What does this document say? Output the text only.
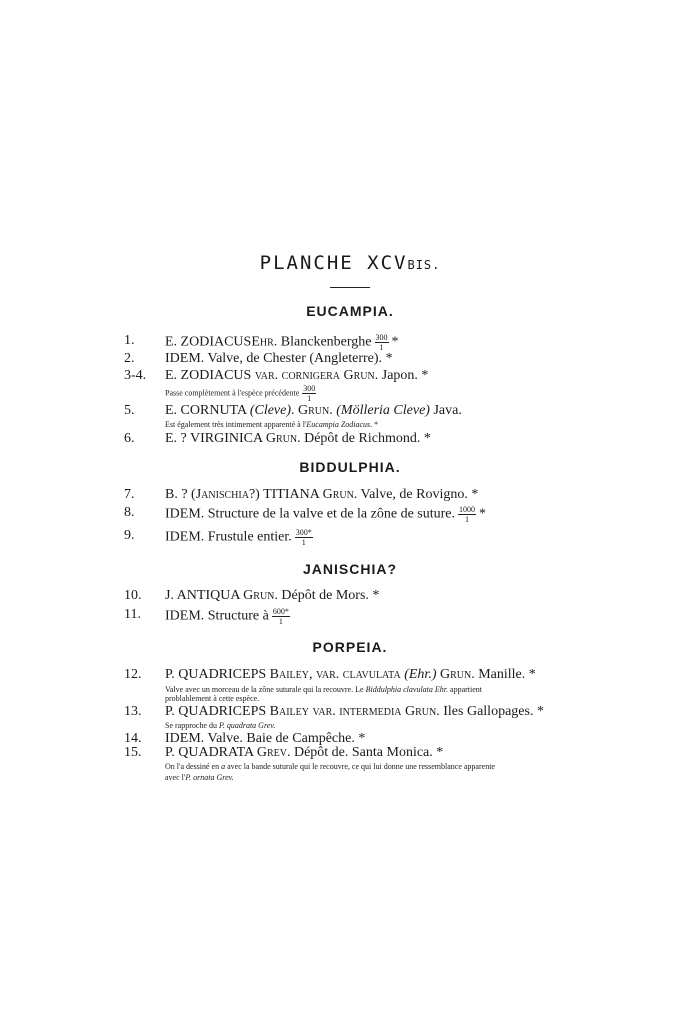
PLANCHE XCVBIS.
EUCAMPIA.
1.	E. ZODIACUSEhr. Blanckenberghe $\frac{300}{1}$ *
2.	IDEM. Valve, de Chester (Angleterre). *
3-4.	E. ZODIACUS var. cornigera Grun. Japon. *
Passe complètement à l'espèce précédente $\frac{300}{1}$
5.	E. CORNUTA (Cleve). Grun. (Mölleria Cleve) Java.
Est également très intimement apparenté à l'Eucampia Zodiacus. *
6.	E. ? VIRGINICA Grun. Dépôt de Richmond. *
BIDDULPHIA.
7.	B. ? (Janischia?) TITIANA Grun. Valve, de Rovigno. *
8.	IDEM. Structure de la valve et de la zône de suture. $\frac{1000}{1}$ *
9.	IDEM. Frustule entier. $\frac{300*}{1}$
JANISCHIA?
10.	J. ANTIQUA Grun. Dépôt de Mors. *
11.	IDEM. Structure à $\frac{600*}{1}$
PORPEIA.
12.	P. QUADRICEPS Bailey, var. clavulata (Ehr.) Grun. Manille. *
Valve avec un morceau de la zône suturale qui la recouvre. Le Biddulphia clavulata Ehr. appartient
problablement à cette espèce.
13.	P. QUADRICEPS Bailey var. intermedia Grun. Iles Gallopages. *
Se rapproche du P. quadrata Grev.
14.	IDEM. Valve. Baie de Campêche. *
15.	P. QUADRATA Grev. Dépôt de. Santa Monica. *
On l'a dessiné en a avec la bande suturale qui le recouvre, ce qui lui donne une ressemblance apparente
avec l'P. ornata Grev.
